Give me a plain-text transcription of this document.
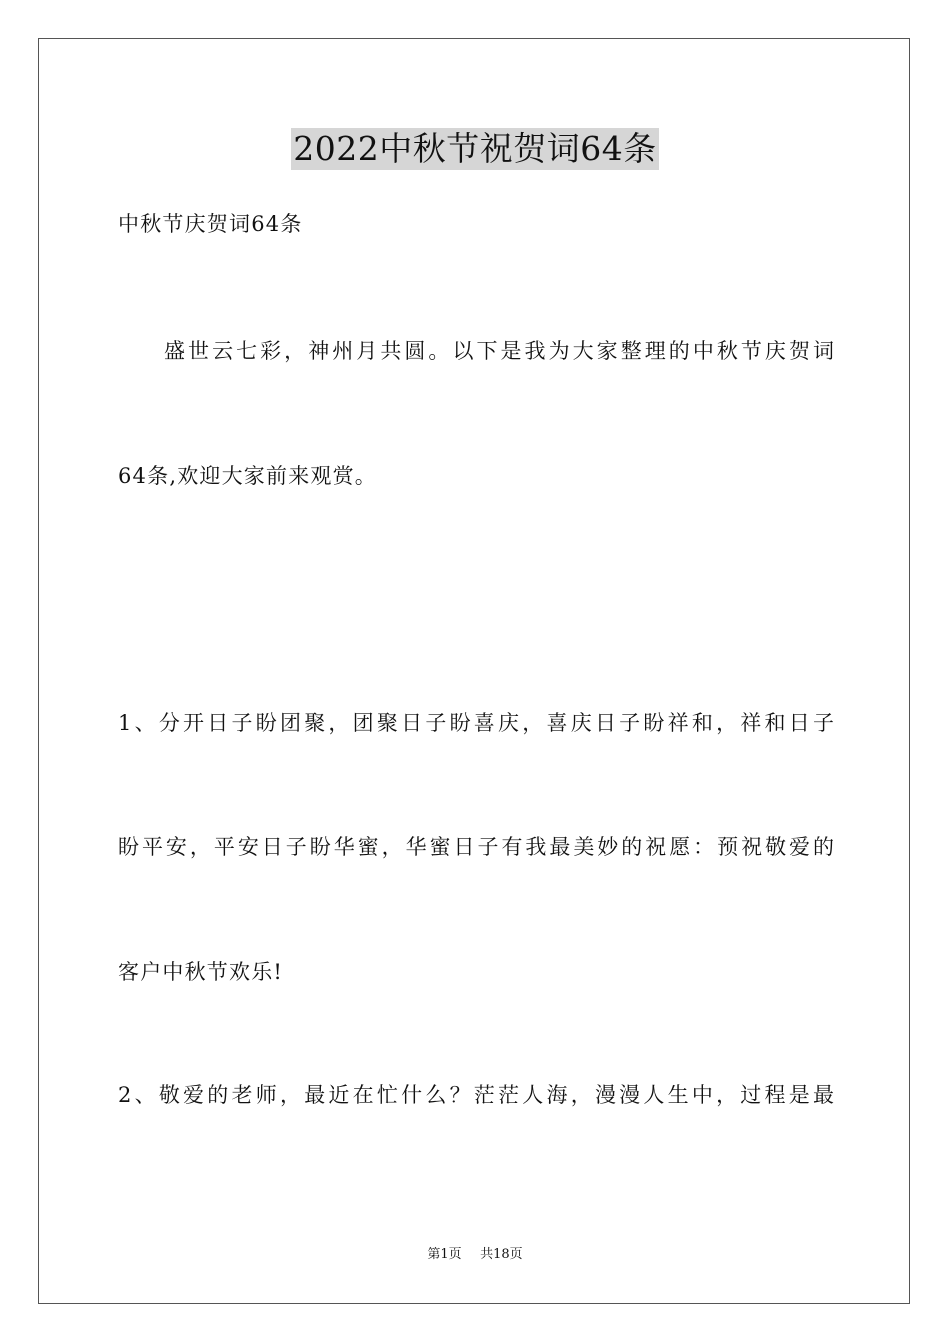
2022中秋节祝贺词64条
中秋节庆贺词64条
盛世云七彩，神州月共圆。以下是我为大家整理的中秋节庆贺词
64条,欢迎大家前来观赏。
1、分开日子盼团聚，团聚日子盼喜庆，喜庆日子盼祥和，祥和日子
盼平安，平安日子盼华蜜，华蜜日子有我最美妙的祝愿：预祝敬爱的
客户中秋节欢乐!
2、敬爱的老师，最近在忙什么？茫茫人海，漫漫人生中，过程是最
第1页 共18页
